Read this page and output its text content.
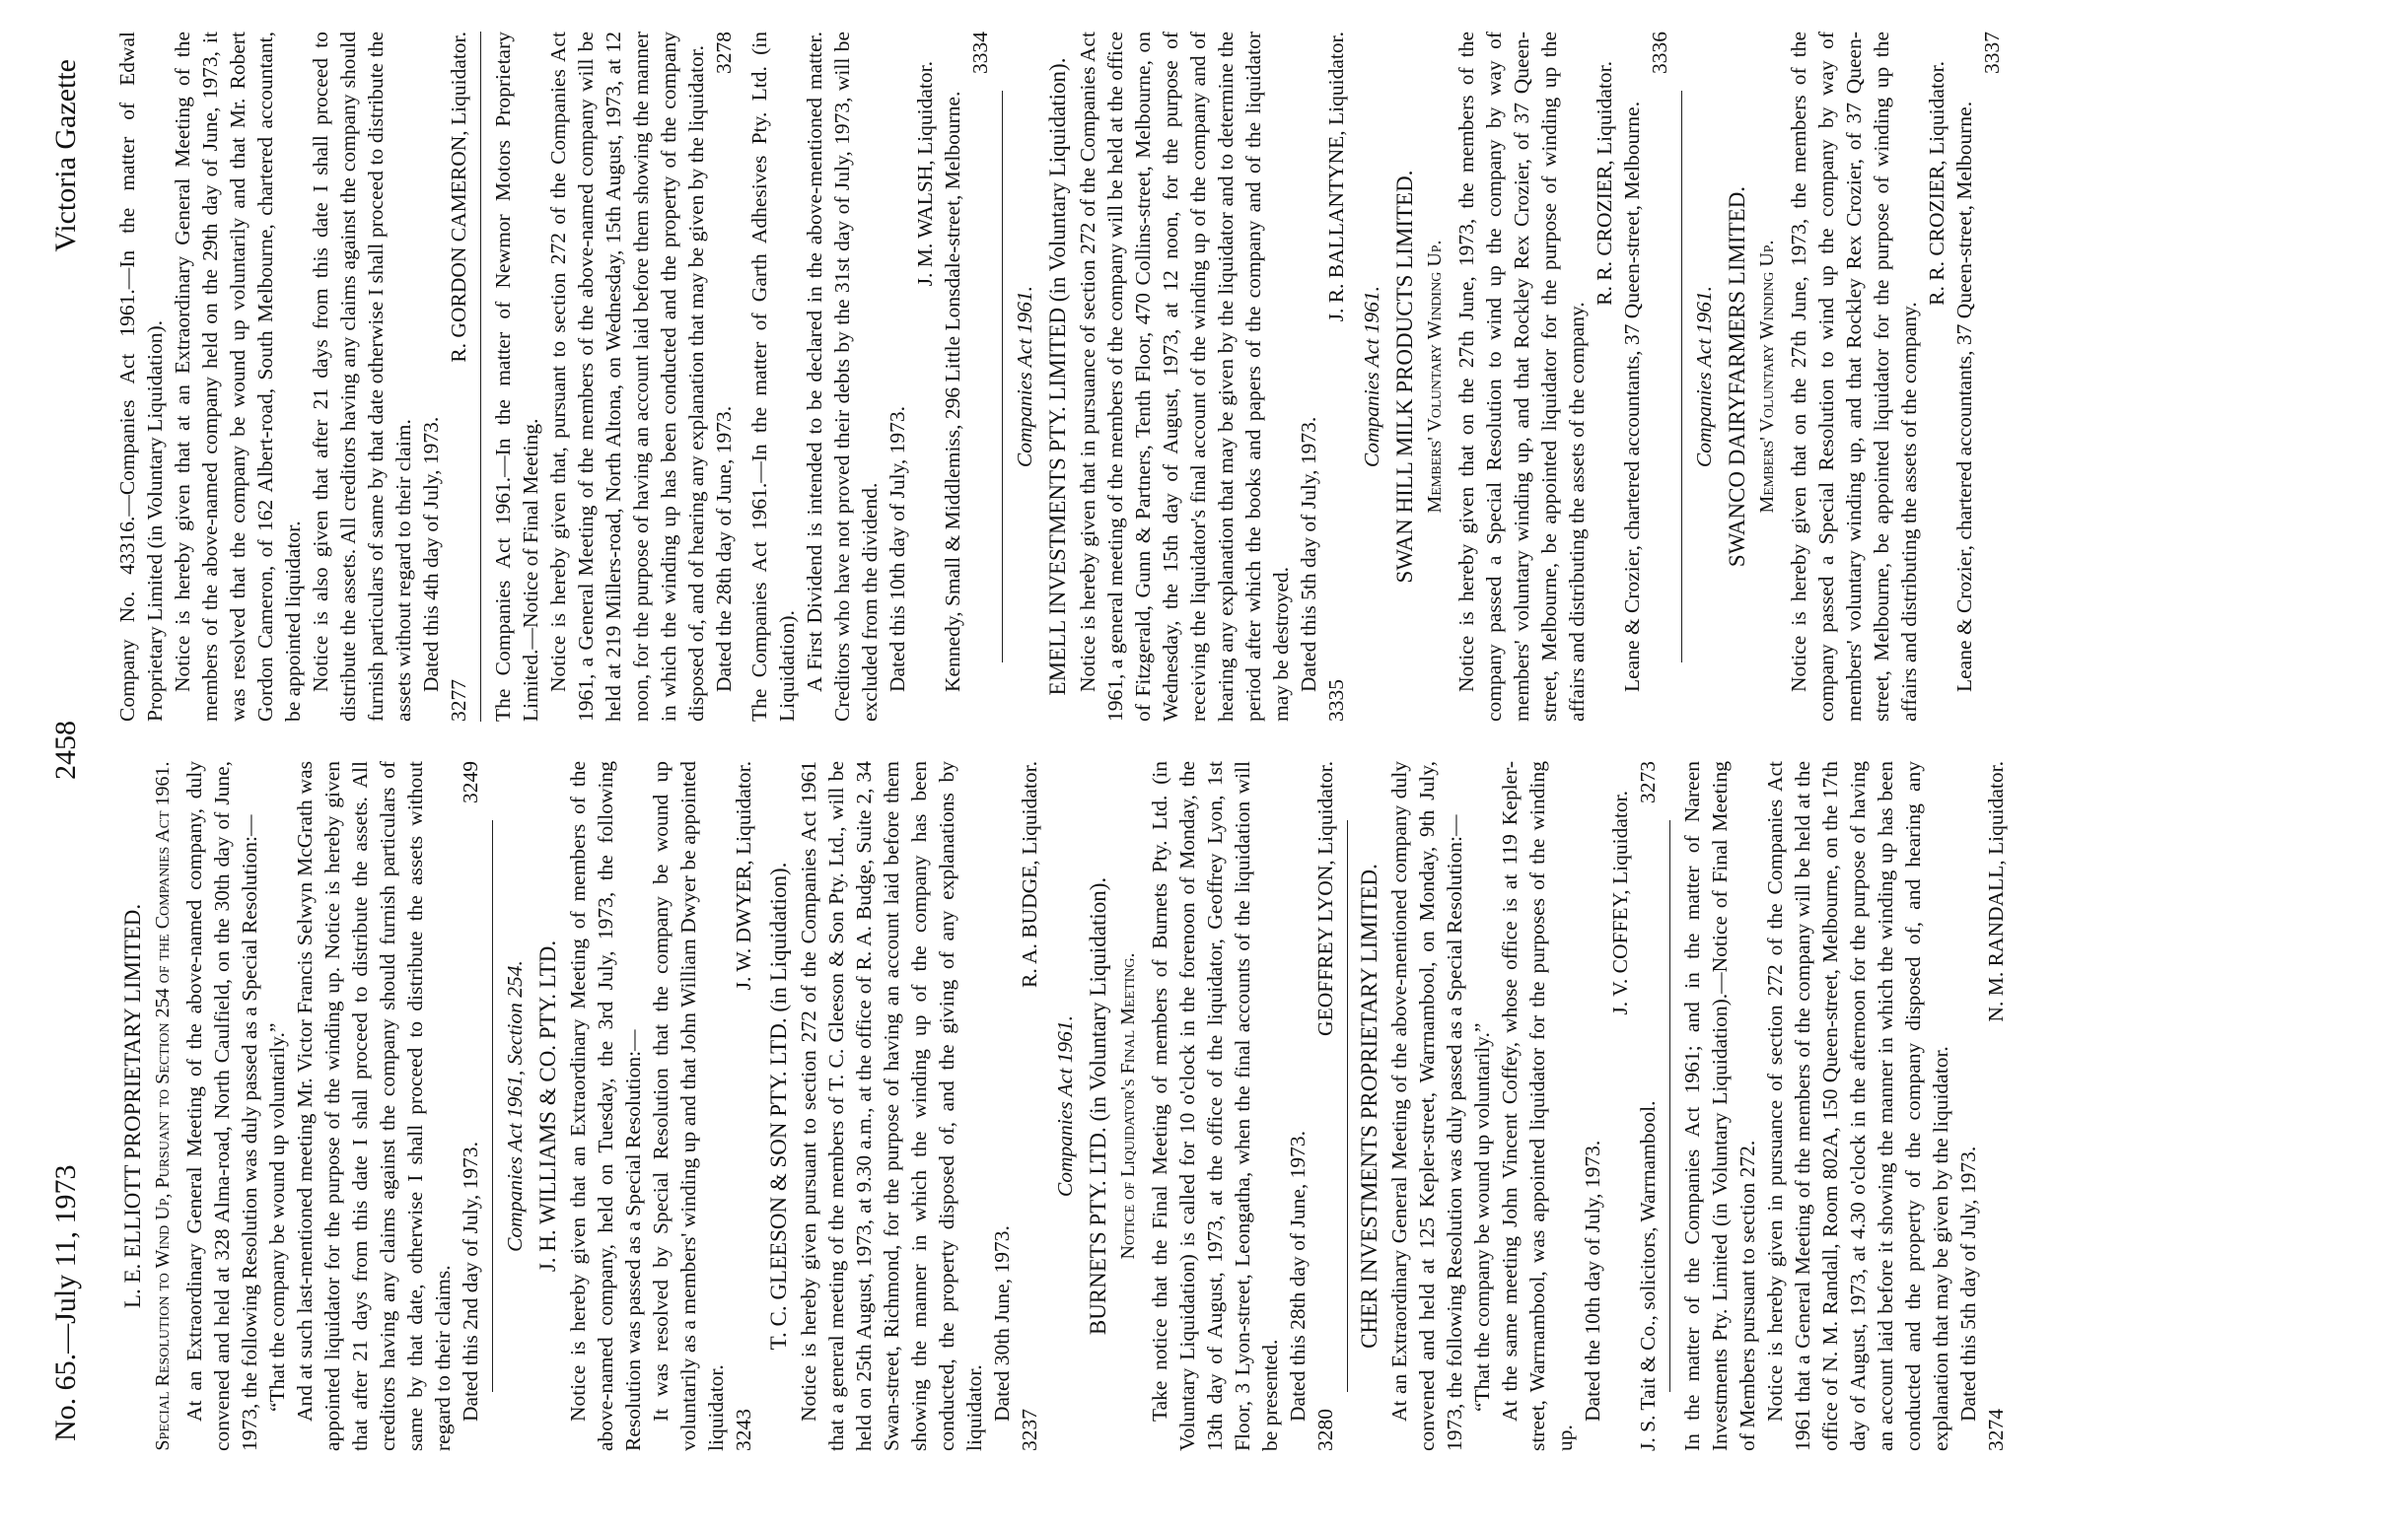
No. 65.—July 11, 1973
2458
Victoria Gazette
L. E. ELLIOTT PROPRIETARY LIMITED. Special Resolution to Wind Up, Pursuant to Section 254 of the Companies Act 1961. At an Extraordinary General Meeting of the above-named company, duly convened and held at 328 Alma-road, North Caulfield, on the 30th day of June, 1973, the following Resolution was duly passed as a Special Resolution:— “That the company be wound up voluntarily.” And at such last-mentioned meeting Mr. Victor Francis Selwyn McGrath was appointed liquidator for the purpose of the winding up. Notice is hereby given that after 21 days from this date I shall proceed to distribute the assets. All creditors having any claims against the company should furnish particulars of same by that date, otherwise I shall proceed to distribute the assets without regard to their claims. Dated this 2nd day of July, 1973.
3249
Companies Act 1961, Section 254. J. H. WILLIAMS & CO. PTY. LTD. Notice is hereby given that an Extraordinary Meeting of members of the above-named company, held on Tuesday, the 3rd July, 1973, the following Resolution was passed as a Special Resolution:— It was resolved by Special Resolution that the company be wound up voluntarily as a members' winding up and that John William Dwyer be appointed liquidator. 3243
J. W. DWYER, Liquidator. T. C. GLEESON & SON PTY. LTD. (in Liquidation). Notice is hereby given pursuant to section 272 of the Companies Act 1961 that a general meeting of the members of T. C. Gleeson & Son Pty. Ltd., will be held on 25th August, 1973, at 9.30 a.m., at the office of R. A. Budge, Suite 2, 34 Swan-street, Richmond, for the purpose of having an account laid before them showing the manner in which the winding up of the company has been conducted, the property disposed of, and the giving of any explanations by liquidator. Dated 30th June, 1973.

3237
R. A. BUDGE, Liquidator.
Companies Act 1961. BURNETS PTY. LTD. (in Voluntary Liquidation). Notice of Liquidator's Final Meeting. Take notice that the Final Meeting of members of Burnets Pty. Ltd. (in Voluntary Liquidation) is called for 10 o'clock in the forenoon of Monday, the 13th day of August, 1973, at the office of the liquidator, Geoffrey Lyon, 1st Floor, 3 Lyon-street, Leongatha, when the final accounts of the liquidation will be presented. Dated this 28th day of June, 1973.

3280
GEOFFREY LYON, Liquidator. CHER INVESTMENTS PROPRIETARY LIMITED. At an Extraordinary General Meeting of the above-mentioned company duly convened and held at 125 Kepler-street, Warrnambool, on Monday, 9th July, 1973, the following Resolution was duly passed as a Special Resolution:— “That the company be wound up voluntarily.” At the same meeting John Vincent Coffey, whose office is at 119 Kepler-street, Warrnambool, was appointed liquidator for the purposes of the winding up.

Dated the 10th day of July, 1973.

J. V. COFFEY, Liquidator.
J. S. Tait & Co., solicitors, Warrnambool.
3273 In the matter of the Companies Act 1961; and in the matter of Nareen Investments Pty. Limited (in Voluntary Liquidation).—Notice of Final Meeting of Members pursuant to section 272. Notice is hereby given in pursuance of section 272 of the Companies Act 1961 that a General Meeting of the members of the company will be held at the office of N. M. Randall, Room 802A, 150 Queen-street, Melbourne, on the 17th day of August, 1973, at 4.30 o'clock in the afternoon for the purpose of having an account laid before it showing the manner in which the winding up has been conducted and the property of the company disposed of, and hearing any explanation that may be given by the liquidator. Dated this 5th day of July, 1973.

3274
N. M. RANDALL, Liquidator.

Company No. 43316.—Companies Act 1961.—In the matter of Edwal Proprietary Limited (in Voluntary Liquidation). Notice is hereby given that at an Extraordinary General Meeting of the members of the above-named company held on the 29th day of June, 1973, it was resolved that the company be wound up voluntarily and that Mr. Robert Gordon Cameron, of 162 Albert-road, South Melbourne, chartered accountant, be appointed liquidator. Notice is also given that after 21 days from this date I shall proceed to distribute the assets. All creditors having any claims against the company should furnish particulars of same by that date otherwise I shall proceed to distribute the assets without regard to their claim. Dated this 4th day of July, 1973.

3277
R. GORDON CAMERON, Liquidator. The Companies Act 1961.—In the matter of Newmor Motors Proprietary Limited.—Notice of Final Meeting. Notice is hereby given that, pursuant to section 272 of the Companies Act 1961, a General Meeting of the members of the above-named company will be held at 219 Millers-road, North Altona, on Wednesday, 15th August, 1973, at 12 noon, for the purpose of having an account laid before them showing the manner in which the winding up has been conducted and the property of the company disposed of, and of hearing any explanation that may be given by the liquidator. Dated the 28th day of June, 1973.
3278 The Companies Act 1961.—In the matter of Garth Adhesives Pty. Ltd. (in Liquidation). A First Dividend is intended to be declared in the above-mentioned matter. Creditors who have not proved their debts by the 31st day of July, 1973, will be excluded from the dividend. Dated this 10th day of July, 1973.

J. M. WALSH, Liquidator. Kennedy, Small & Middlemiss, 296 Little Lonsdale-street, Melbourne.

3334
Companies Act 1961. EMELL INVESTMENTS PTY. LIMITED (in Voluntary Liquidation). Notice is hereby given that in pursuance of section 272 of the Companies Act 1961, a general meeting of the members of the company will be held at the office of Fitzgerald, Gunn & Partners, Tenth Floor, 470 Collins-street, Melbourne, on Wednesday, the 15th day of August, 1973, at 12 noon, for the purpose of receiving the liquidator's final account of the winding up of the company and of hearing any explanation that may be given by the liquidator and to determine the period after which the books and papers of the company and of the liquidator may be destroyed. Dated this 5th day of July, 1973.

3335
J. R. BALLANTYNE, Liquidator.
Companies Act 1961. SWAN HILL MILK PRODUCTS LIMITED. Members' Voluntary Winding Up. Notice is hereby given that on the 27th June, 1973, the members of the company passed a Special Resolution to wind up the company by way of members' voluntary winding up, and that Rockley Rex Crozier, of 37 Queen-street, Melbourne, be appointed liquidator for the purpose of winding up the affairs and distributing the assets of the company.

R. R. CROZIER, Liquidator. Leane & Crozier, chartered accountants, 37 Queen-street, Melbourne.

3336
Companies Act 1961. SWANCO DAIRYFARMERS LIMITED. Members' Voluntary Winding Up. Notice is hereby given that on the 27th June, 1973, the members of the company passed a Special Resolution to wind up the company by way of members' voluntary winding up, and that Rockley Rex Crozier, of 37 Queen-street, Melbourne, be appointed liquidator for the purpose of winding up the affairs and distributing the assets of the company.

R. R. CROZIER, Liquidator. Leane & Crozier, chartered accountants, 37 Queen-street, Melbourne.

3337
